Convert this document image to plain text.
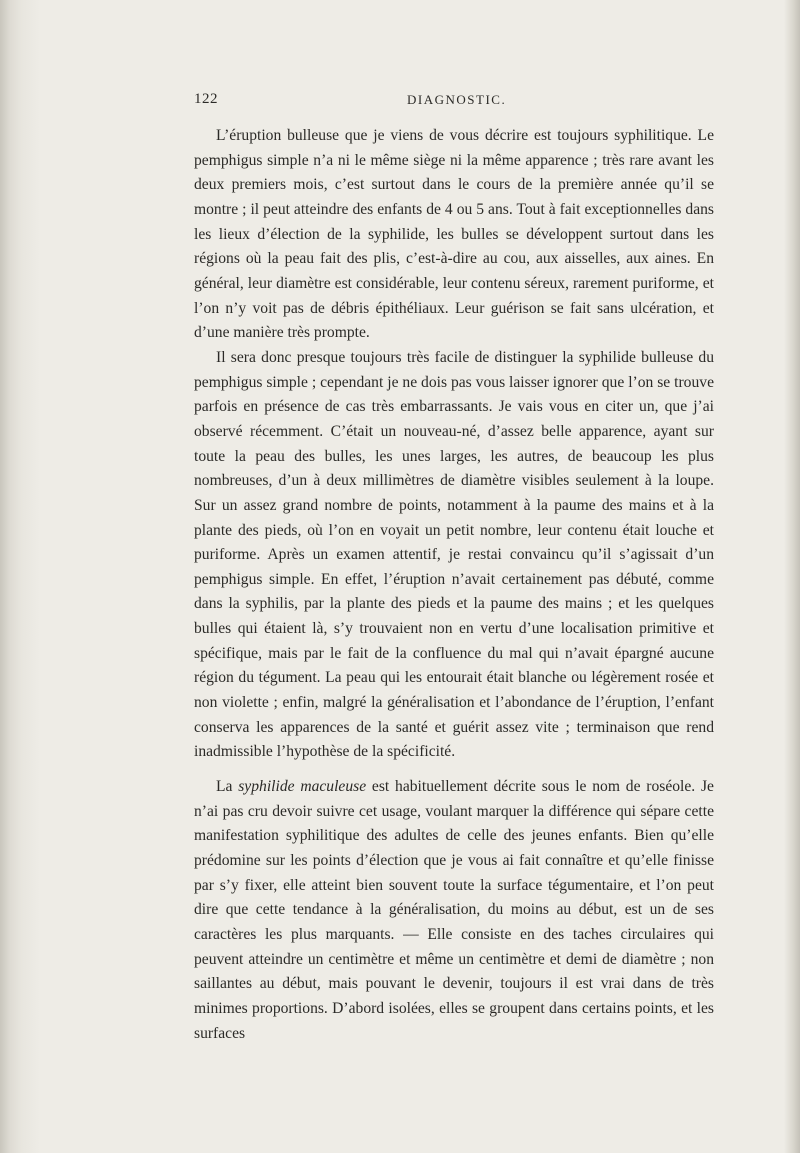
122	DIAGNOSTIC.

L’éruption bulleuse que je viens de vous décrire est toujours syphilitique. Le pemphigus simple n’a ni le même siège ni la même apparence ; très rare avant les deux premiers mois, c’est surtout dans le cours de la première année qu’il se montre ; il peut atteindre des enfants de 4 ou 5 ans. Tout à fait exceptionnelles dans les lieux d’élection de la syphilide, les bulles se développent surtout dans les régions où la peau fait des plis, c’est-à-dire au cou, aux aisselles, aux aines. En général, leur diamètre est considérable, leur contenu séreux, rarement puriforme, et l’on n’y voit pas de débris épithéliaux. Leur guérison se fait sans ulcération, et d’une manière très prompte.

Il sera donc presque toujours très facile de distinguer la syphilide bulleuse du pemphigus simple ; cependant je ne dois pas vous laisser ignorer que l’on se trouve parfois en présence de cas très embarrassants. Je vais vous en citer un, que j’ai observé récemment. C’était un nouveau-né, d’assez belle apparence, ayant sur toute la peau des bulles, les unes larges, les autres, de beaucoup les plus nombreuses, d’un à deux millimètres de diamètre visibles seulement à la loupe. Sur un assez grand nombre de points, notamment à la paume des mains et à la plante des pieds, où l’on en voyait un petit nombre, leur contenu était louche et puriforme. Après un examen attentif, je restai convaincu qu’il s’agissait d’un pemphigus simple. En effet, l’éruption n’avait certainement pas débuté, comme dans la syphilis, par la plante des pieds et la paume des mains ; et les quelques bulles qui étaient là, s’y trouvaient non en vertu d’une localisation primitive et spécifique, mais par le fait de la confluence du mal qui n’avait épargné aucune région du tégument. La peau qui les entourait était blanche ou légèrement rosée et non violette ; enfin, malgré la généralisation et l’abondance de l’éruption, l’enfant conserva les apparences de la santé et guérit assez vite ; terminaison que rend inadmissible l’hypothèse de la spécificité.

La syphilide maculeuse est habituellement décrite sous le nom de roséole. Je n’ai pas cru devoir suivre cet usage, voulant marquer la différence qui sépare cette manifestation syphilitique des adultes de celle des jeunes enfants. Bien qu’elle prédomine sur les points d’élection que je vous ai fait connaître et qu’elle finisse par s’y fixer, elle atteint bien souvent toute la surface tégumentaire, et l’on peut dire que cette tendance à la généralisation, du moins au début, est un de ses caractères les plus marquants. — Elle consiste en des taches circulaires qui peuvent atteindre un centimètre et même un centimètre et demi de diamètre ; non saillantes au début, mais pouvant le devenir, toujours il est vrai dans de très minimes proportions. D’abord isolées, elles se groupent dans certains points, et les surfaces
